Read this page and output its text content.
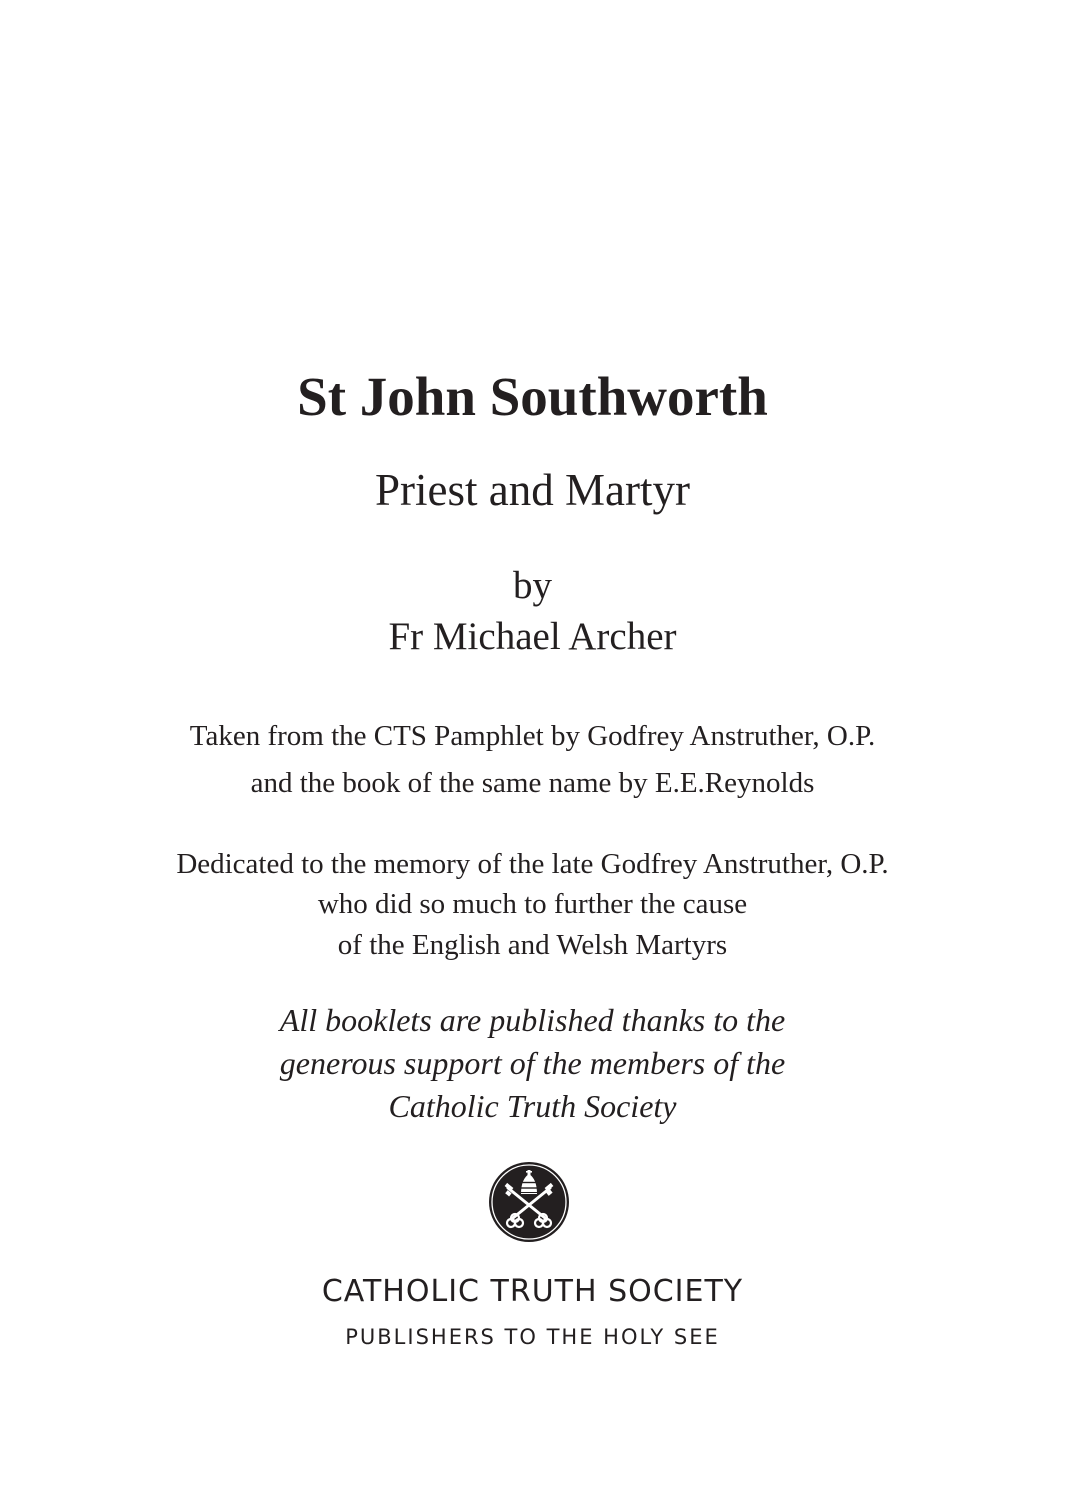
St John Southworth
Priest and Martyr
by
Fr Michael Archer
Taken from the CTS Pamphlet by Godfrey Anstruther, O.P.
and the book of the same name by E.E.Reynolds
Dedicated to the memory of the late Godfrey Anstruther, O.P.
who did so much to further the cause
of the English and Welsh Martyrs
All booklets are published thanks to the
generous support of the members of the
Catholic Truth Society
CATHOLIC TRUTH SOCIETY
PUBLISHERS TO THE HOLY SEE
